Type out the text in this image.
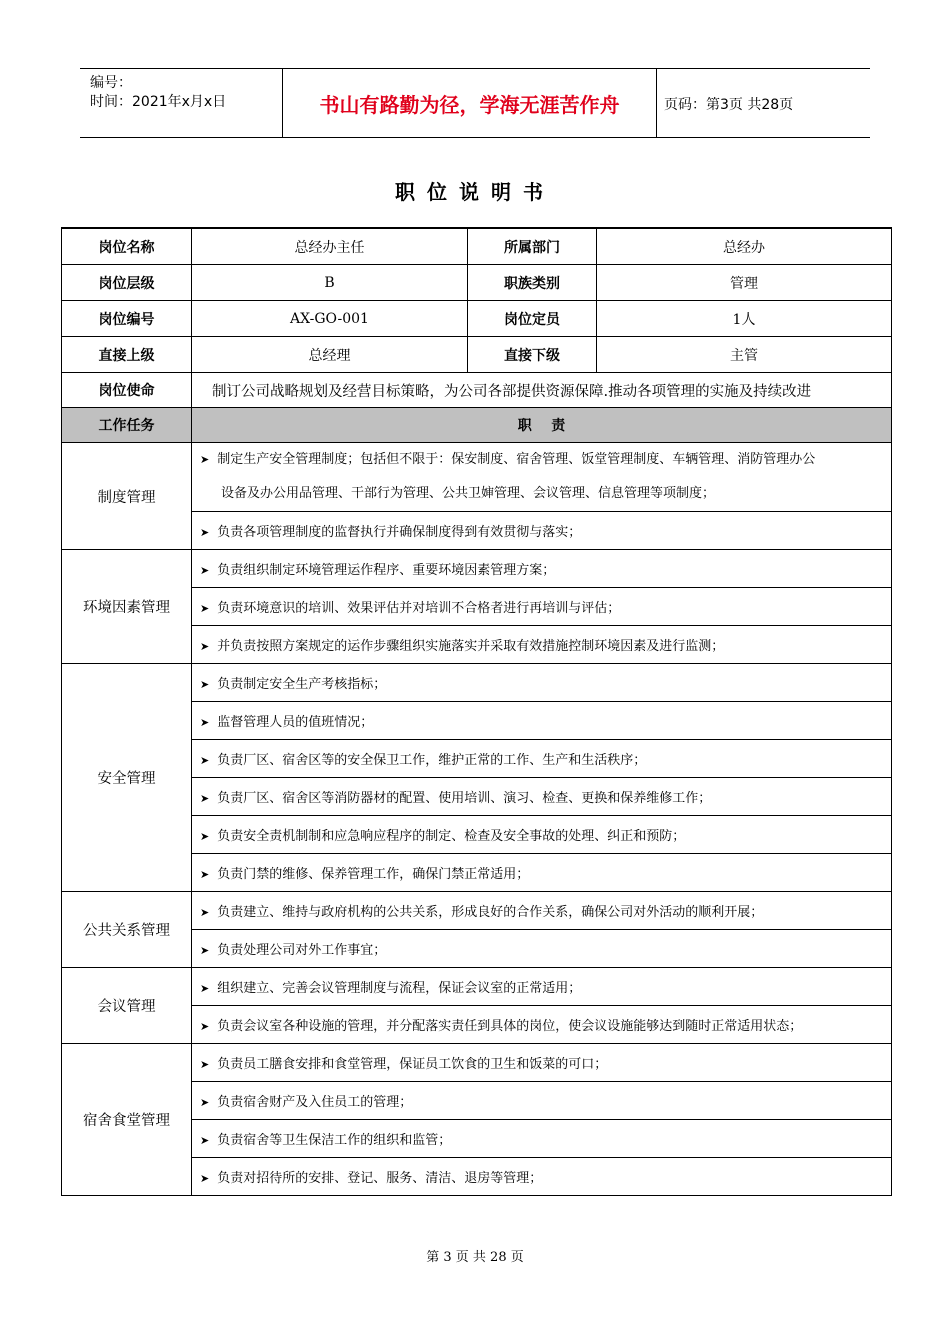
编号：
时间：2021年x月x日	书山有路勤为径，学海无涯苦作舟	页码：第3页 共28页
职位说明书
岗位名称	总经办主任	所属部门	总经办
岗位层级	B	职族类别	管理
岗位编号	AX-GO-001	岗位定员	1人
直接上级	总经理	直接下级	主管
岗位使命	制订公司战略规划及经营目标策略，为公司各部提供资源保障.推动各项管理的实施及持续改进		
工作任务	职    责		
制度管理	➤ 制定生产安全管理制度；包括但不限于：保安制度、宿舍管理、饭堂管理制度、车辆管理、消防管理办公
设备及办公用品管理、干部行为管理、公共卫婶管理、会议管理、信息管理等项制度；		

	➤ 负责各项管理制度的监督执行并确保制度得到有效贯彻与落实；		
环境因素管理	➤ 负责组织制定环境管理运作程序、重要环境因素管理方案；		
	➤ 负责环境意识的培训、效果评估并对培训不合格者进行再培训与评估；		
	➤ 并负责按照方案规定的运作步骤组织实施落实并采取有效措施控制环境因素及进行监测；		
安全管理	➤ 负责制定安全生产考核指标；		
	➤ 监督管理人员的值班情况；		
	➤ 负责厂区、宿舍区等的安全保卫工作，维护正常的工作、生产和生活秩序；		
	➤ 负责厂区、宿舍区等消防器材的配置、使用培训、演习、检查、更换和保养维修工作；		
	➤ 负责安全责机制制和应急响应程序的制定、检查及安全事故的处理、纠正和预防；		
	➤ 负责门禁的维修、保养管理工作，确保门禁正常适用；		
公共关系管理	➤ 负责建立、维持与政府机构的公共关系，形成良好的合作关系，确保公司对外活动的顺利开展；		
	➤ 负责处理公司对外工作事宜；		
会议管理	➤ 组织建立、完善会议管理制度与流程，保证会议室的正常适用；		
	➤ 负责会议室各种设施的管理，并分配落实责任到具体的岗位，使会议设施能够达到随时正常适用状态；		
宿舍食堂管理	➤ 负责员工膳食安排和食堂管理，保证员工饮食的卫生和饭菜的可口；		
	➤ 负责宿舍财产及入住员工的管理；		
	➤ 负责宿舍等卫生保洁工作的组织和监管；		
	➤ 负责对招待所的安排、登记、服务、清洁、退房等管理；		
第 3 页 共 28 页
